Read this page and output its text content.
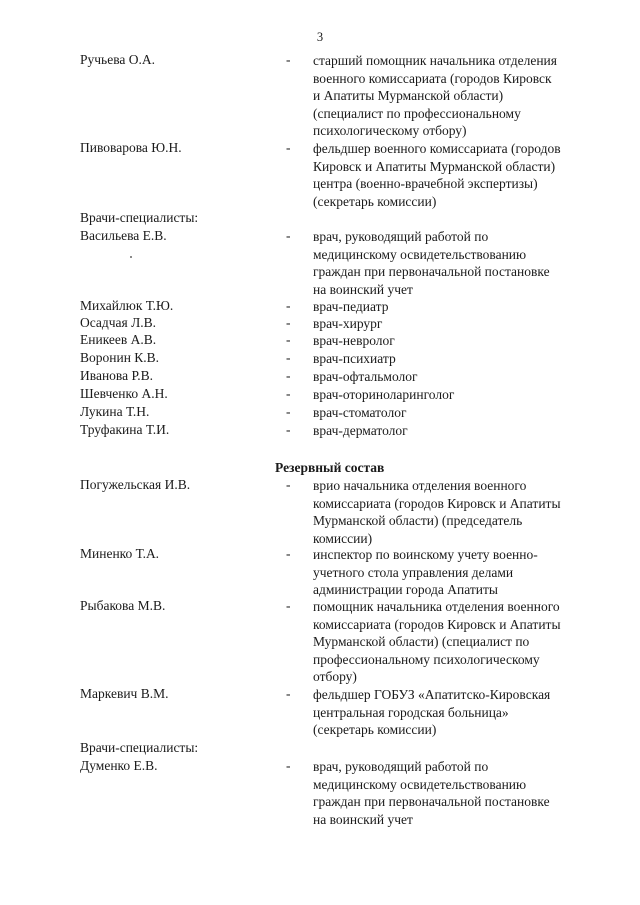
3
Ручьева О.А.	- старший помощник начальника отделения
военного комиссариата (городов Кировск
и Апатиты Мурманской области)
(специалист по профессиональному
психологическому отбору)
Пивоварова Ю.Н.	- фельдшер военного комиссариата (городов
Кировск и Апатиты Мурманской области)
центра (военно-врачебной экспертизы)
(секретарь комиссии)
Врачи-специалисты:
Васильева Е.В.	- врач, руководящий работой по
медицинскому освидетельствованию
граждан при первоначальной постановке
на воинский учет
Михайлюк Т.Ю.	- врач-педиатр
Осадчая Л.В.	- врач-хирург
Еникеев А.В.	- врач-невролог
Воронин К.В.	- врач-психиатр
Иванова Р.В.	- врач-офтальмолог
Шевченко А.Н.	- врач-оториноларинголог
Лукина Т.Н.	- врач-стоматолог
Труфакина Т.И.	- врач-дерматолог
Резервный состав
Погужельская И.В.	- врио начальника отделения военного
комиссариата (городов Кировск и Апатиты
Мурманской области) (председатель
комиссии)
Миненко Т.А.	- инспектор по воинскому учету военно-
учетного стола управления делами
администрации города Апатиты
Рыбакова М.В.	- помощник начальника отделения военного
комиссариата (городов Кировск и Апатиты
Мурманской области) (специалист по
профессиональному психологическому
отбору)
Маркевич В.М.	- фельдшер ГОБУЗ «Апатитско-Кировская
центральная городская больница»
(секретарь комиссии)
Врачи-специалисты:
Думенко Е.В.	- врач, руководящий работой по
медицинскому освидетельствованию
граждан при первоначальной постановке
на воинский учет
